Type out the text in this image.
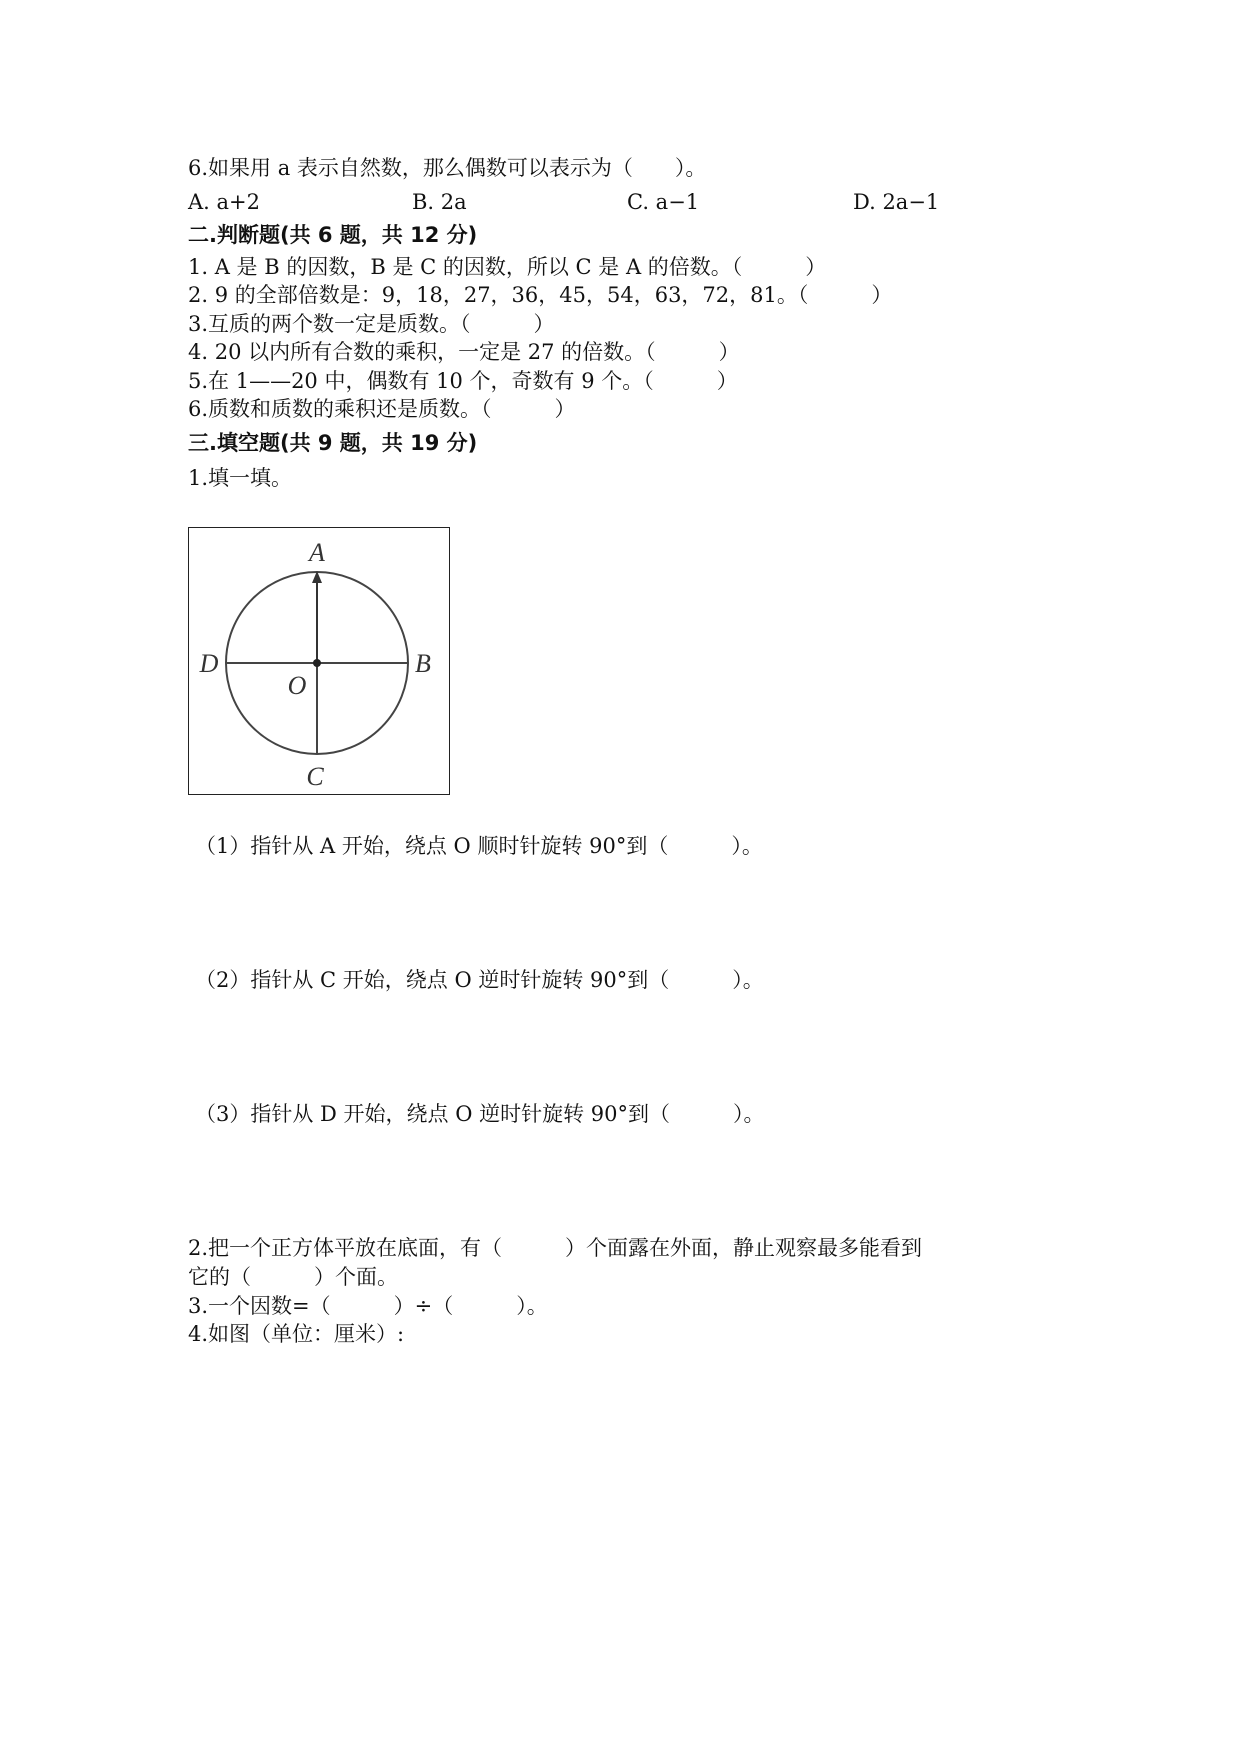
6.如果用 a 表示自然数，那么偶数可以表示为（　　）。
A. a+2	B. 2a	C. a−1	D. 2a−1
二.判断题(共 6 题，共 12 分)
1. A 是 B 的因数，B 是 C 的因数，所以 C 是 A 的倍数。（　　　）
2. 9 的全部倍数是：9，18，27，36，45，54，63，72，81。（　　　）
3.互质的两个数一定是质数。（　　　）
4. 20 以内所有合数的乘积，一定是 27 的倍数。（　　　）
5.在 1——20 中，偶数有 10 个，奇数有 9 个。（　　　）
6.质数和质数的乘积还是质数。（　　　）
三.填空题(共 9 题，共 19 分)
1.填一填。
A
B
C
D
O
（1）指针从 A 开始，绕点 O 顺时针旋转 90°到（　　　）。
（2）指针从 C 开始，绕点 O 逆时针旋转 90°到（　　　）。
（3）指针从 D 开始，绕点 O 逆时针旋转 90°到（　　　）。
2.把一个正方体平放在底面，有（　　　）个面露在外面，静止观察最多能看到
它的（　　　）个面。
3.一个因数=（　　　）÷（　　　）。
4.如图（单位：厘米）:
